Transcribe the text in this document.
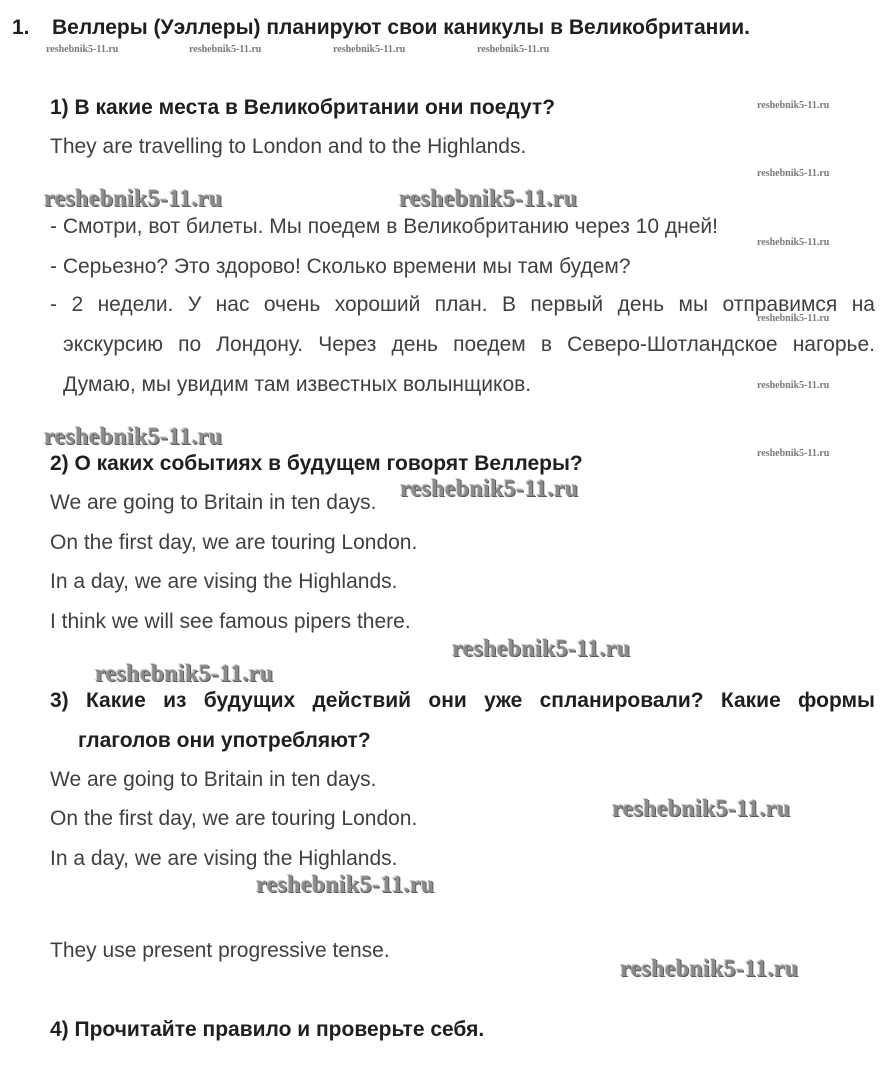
1. Веллеры (Уэллеры) планируют свои каникулы в Великобритании.
reshebnik5-11.ru	reshebnik5-11.ru	reshebnik5-11.ru	reshebnik5-11.ru
1) В какие места в Великобритании они поедут?	reshebnik5-11.ru
They are travelling to London and to the Highlands.
reshebnik5-11.ru
reshebnik5-11.ru	reshebnik5-11.ru
- Смотри, вот билеты. Мы поедем в Великобританию через 10 дней!
reshebnik5-11.ru
- Серьезно? Это здорово! Сколько времени мы там будем?
- 2 недели. У нас очень хороший план. В первый день мы отправимся на
reshebnik5-11.ru
экскурсию по Лондону. Через день поедем в Северо-Шотландское нагорье.
Думаю, мы увидим там известных волынщиков.	reshebnik5-11.ru
reshebnik5-11.ru
reshebnik5-11.ru
2) О каких событиях в будущем говорят Веллеры?
We are going to Britain in ten days.
reshebnik5-11.ru
On the first day, we are touring London.
In a day, we are vising the Highlands.
I think we will see famous pipers there.
reshebnik5-11.ru
reshebnik5-11.ru
3) Какие из будущих действий они уже спланировали? Какие формы
глаголов они употребляют?
We are going to Britain in ten days.
reshebnik5-11.ru
On the first day, we are touring London.
In a day, we are vising the Highlands.
reshebnik5-11.ru
They use present progressive tense.
reshebnik5-11.ru
4) Прочитайте правило и проверьте себя.
